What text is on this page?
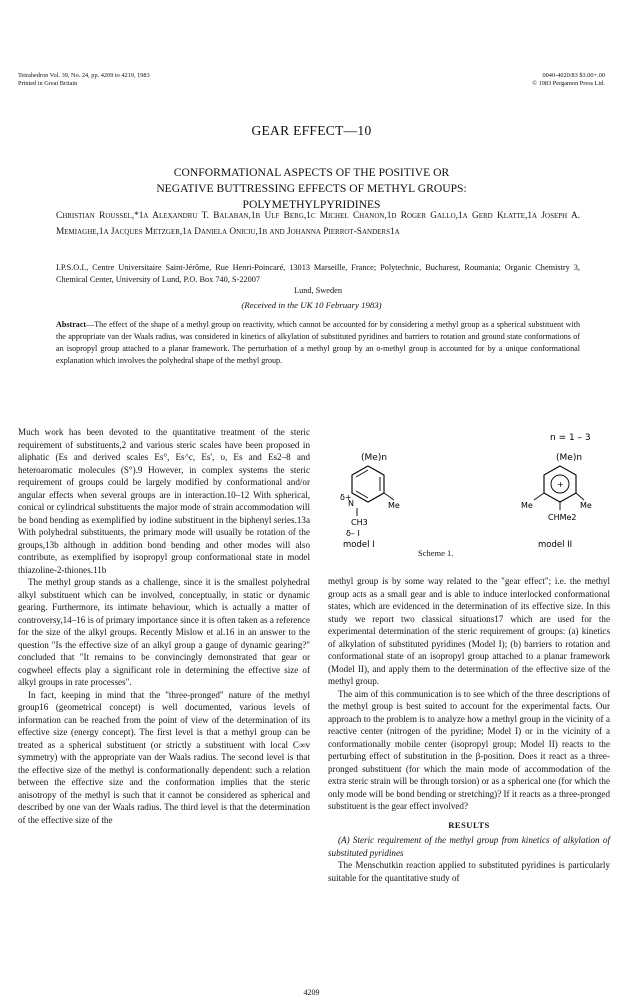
Tetrahedron Vol. 39, No. 24, pp. 4209 to 4219, 1983
Printed in Great Britain
0040-4020/83 $3.00+.00
© 1983 Pergamon Press Ltd.
GEAR EFFECT—10
CONFORMATIONAL ASPECTS OF THE POSITIVE OR
NEGATIVE BUTTRESSING EFFECTS OF METHYL GROUPS:
POLYMETHYLPYRIDINES
Christian Roussel,*1a Alexandru T. Balaban,1b Ulf Berg,1c Michel Chanon,1d Roger Gallo,1a Gerd Klatte,1a Joseph A. Memiaghe,1a Jacques Metzger,1a Daniela Oniciu,1b and Johanna Pierrot-Sanders1a
I.P.S.O.I., Centre Universitaire Saint-Jérôme, Rue Henri-Poincaré, 13013 Marseille, France; Polytechnic, Bucharest, Roumania; Organic Chemistry 3, Chemical Center, University of Lund, P.O. Box 740, S-22007
Lund, Sweden
(Received in the UK 10 February 1983)
Abstract—The effect of the shape of a methyl group on reactivity, which cannot be accounted for by considering a methyl group as a spherical substituent with the appropriate van der Waals radius, was considered in kinetics of alkylation of substituted pyridines and barriers to rotation and ground state conformations of an isopropyl group attached to a planar framework. The perturbation of a methyl group by an o-methyl group is accounted for by a unique conformational explanation which involves the polyhedral shape of the methyl group.

Much work has been devoted to the quantitative treatment of the steric requirement of substituents,2 and various steric scales have been proposed in aliphatic (Es and derived scales Es°, Es^c, Es', υ, Es and Es2–8 and heteroaromatic molecules (S°).9 However, in complex systems the steric requirement of groups could be largely modified by conformational and/or angular effects when several groups are in interaction.10–12 With spherical, conical or cylindrical substituents the major mode of strain accommodation will be bond bending as exemplified by iodine substituent in the biphenyl series.13a With polyhedral substituents, the primary mode will usually be rotation of the groups,13b although in addition bond bending and other modes will also contribute, as exemplified by isopropyl group conformational state in model thiazoline-2-thiones.11b

The methyl group stands as a challenge, since it is the smallest polyhedral alkyl substituent which can be involved, conceptually, in static or dynamic gearing. Furthermore, its intimate behaviour, which is actually a matter of controversy,14–16 is of primary importance since it is often taken as a reference for the size of the alkyl groups. Recently Mislow et al.16 in an answer to the question "Is the effective size of an alkyl group a gauge of dynamic gearing?" concluded that "It remains to be convincingly demonstrated that gear or cogwheel effects play a significant role in determining the effective size of alkyl groups in rate processes".

In fact, keeping in mind that the "three-pronged" nature of the methyl group16 (geometrical concept) is well documented, various levels of information can be reached from the point of view of the determination of its effective size (energy concept). The first level is that a methyl group can be treated as a spherical substituent (or strictly a substituent with local C∞v symmetry) with the appropriate van der Waals radius. The second level is that the effective size of the methyl is conformationally dependent: such a relation between the effective size and the conformation implies that the steric anisotropy of the methyl is such that it cannot be considered as spherical and described by one van der Waals radius. The third level is that the determination of the effective size of the

n = 1 – 3
(Me)n
Me
δ+
N
CH3
δ– I
model I
(Me)n
+
Me	Me
CHMe2
model II
Scheme 1.

methyl group is by some way related to the "gear effect"; i.e. the methyl group acts as a small gear and is able to induce interlocked conformational states, which are evidenced in the determination of its effective size. In this study we report two classical situations17 which are used for the experimental determination of the steric requirement of groups: (a) kinetics of alkylation of substituted pyridines (Model I); (b) barriers to rotation and conformational state of an isopropyl group attached to a planar framework (Model II), and apply them to the determination of the effective size of the methyl group.

The aim of this communication is to see which of the three descriptions of the methyl group is best suited to account for the experimental facts. Our approach to the problem is to analyze how a methyl group in the vicinity of a reactive center (nitrogen of the pyridine; Model I) or in the vicinity of a conformationally mobile center (isopropyl group; Model II) reacts to the perturbing effect of substitution in the β-position. Does it react as a three-pronged substituent (for which the main mode of accommodation of the extra steric strain will be through torsion) or as a spherical one (for which the only mode will be bond bending or stretching)? If it reacts as a three-pronged substituent is the gear effect involved?

RESULTS

(A) Steric requirement of the methyl group from kinetics of alkylation of substituted pyridines

The Menschutkin reaction applied to substituted pyridines is particularly suitable for the quantitative study of

4209
